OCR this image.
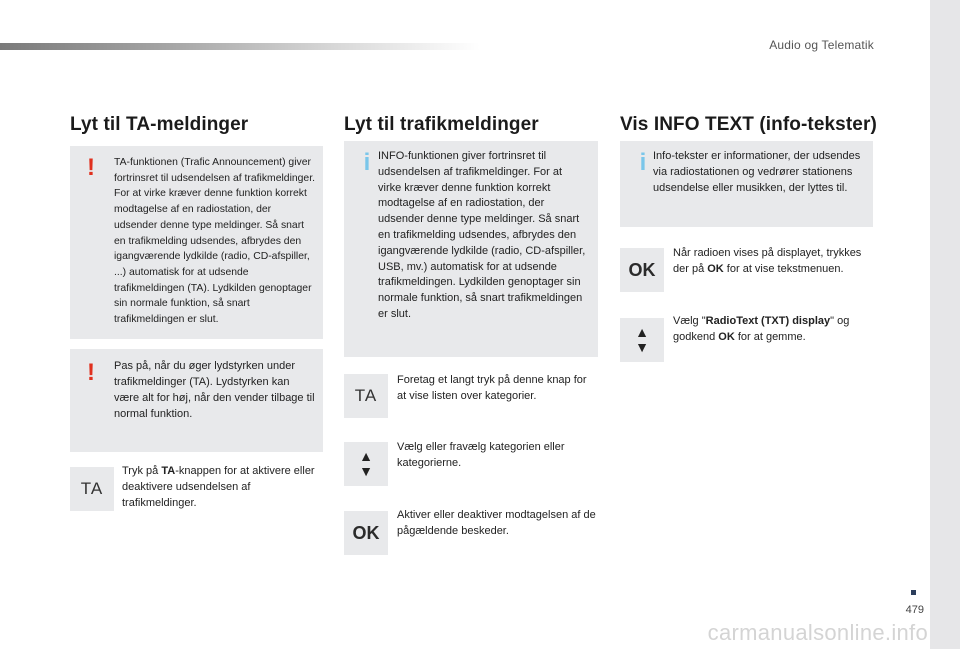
Audio og Telematik
Lyt til TA-meldinger
! TA-funktionen (Trafic Announcement) giver fortrinsret til udsendelsen af trafikmeldinger. For at virke kræver denne funktion korrekt modtagelse af en radiostation, der udsender denne type meldinger. Så snart en trafikmelding udsendes, afbrydes den igangværende lydkilde (radio, CD-afspiller, ...) automatisk for at udsende trafikmeldingen (TA). Lydkilden genoptager sin normale funktion, så snart trafikmeldingen er slut.

! Pas på, når du øger lydstyrken under trafikmeldinger (TA). Lydstyrken kan være alt for høj, når den vender tilbage til normal funktion.

TA

Tryk på TA-knappen for at aktivere eller deaktivere udsendelsen af trafikmeldinger.

Lyt til trafikmeldinger
i INFO-funktionen giver fortrinsret til udsendelsen af trafikmeldinger. For at virke kræver denne funktion korrekt modtagelse af en radiostation, der udsender denne type meldinger. Så snart en trafikmelding udsendes, afbrydes den igangværende lydkilde (radio, CD-afspiller, USB, mv.) automatisk for at udsende trafikmeldingen. Lydkilden genoptager sin normale funktion, så snart trafikmeldingen er slut.

TA

Foretag et langt tryk på denne knap for at vise listen over kategorier.

▲
▼

Vælg eller fravælg kategorien eller kategorierne.

OK

Aktiver eller deaktiver modtagelsen af de pågældende beskeder.

Vis INFO TEXT (info-tekster)
i Info-tekster er informationer, der udsendes via radiostationen og vedrører stationens udsendelse eller musikken, der lyttes til.

OK

Når radioen vises på displayet, trykkes der på OK for at vise tekstmenuen.

▲
▼

Vælg "RadioText (TXT) display" og godkend OK for at gemme.

479
carmanualsonline.info
